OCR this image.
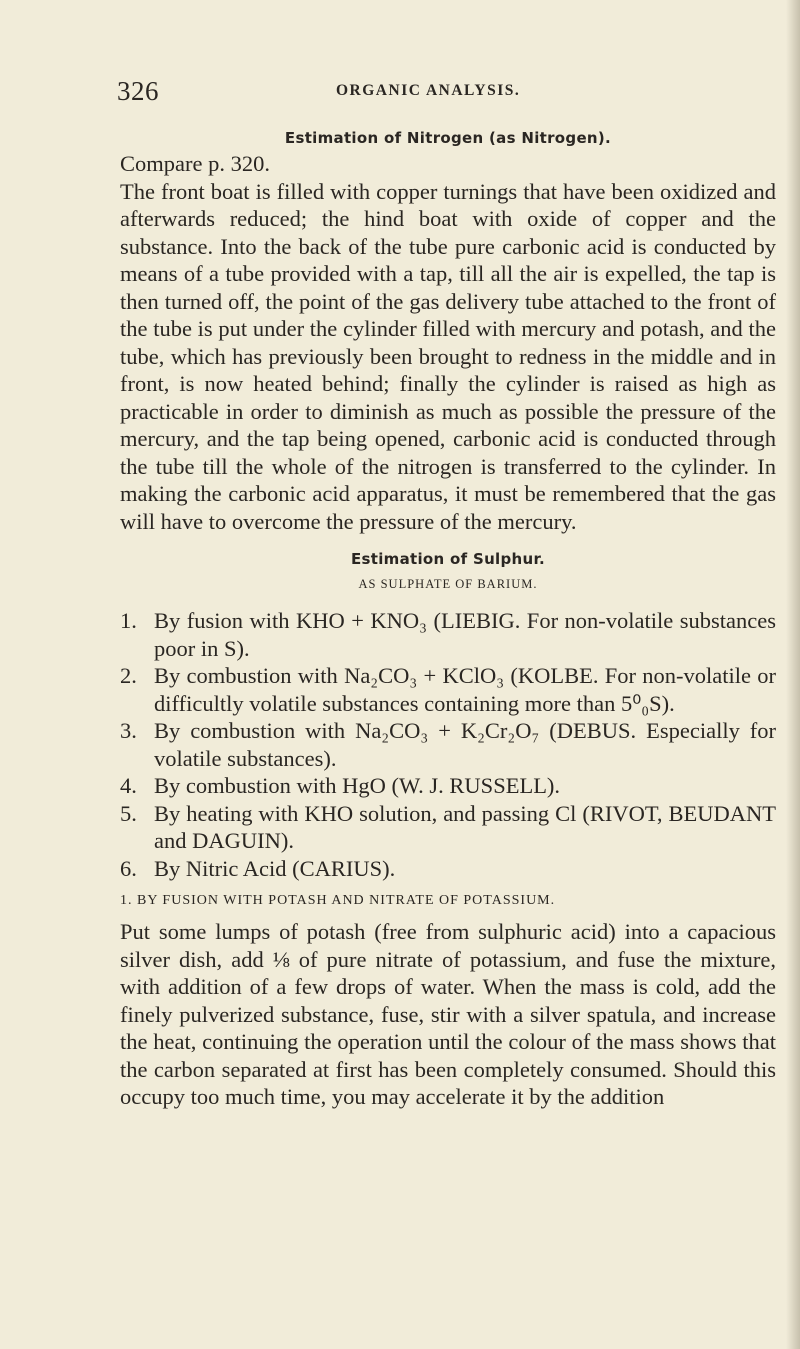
326	ORGANIC ANALYSIS.
Estimation of Nitrogen (as Nitrogen).

Compare p. 320.

The front boat is filled with copper turnings that have been oxidized and afterwards reduced; the hind boat with oxide of copper and the substance. Into the back of the tube pure carbonic acid is conducted by means of a tube provided with a tap, till all the air is expelled, the tap is then turned off, the point of the gas delivery tube attached to the front of the tube is put under the cylinder filled with mercury and potash, and the tube, which has previously been brought to redness in the middle and in front, is now heated behind; finally the cylinder is raised as high as practicable in order to diminish as much as possible the pressure of the mercury, and the tap being opened, carbonic acid is conducted through the tube till the whole of the nitrogen is transferred to the cylinder. In making the carbonic acid apparatus, it must be remembered that the gas will have to overcome the pressure of the mercury.

Estimation of Sulphur.
AS SULPHATE OF BARIUM.
1. By fusion with KHO + KNO₃ (LIEBIG. For non-volatile substances poor in S).
2. By combustion with Na₂CO₃ + KClO₃ (KOLBE. For non-volatile or difficultly volatile substances containing more than 5⁰₀S).
3. By combustion with Na₂CO₃ + K₂Cr₂O₇ (DEBUS. Especially for volatile substances).
4. By combustion with HgO (W. J. RUSSELL).
5. By heating with KHO solution, and passing Cl (RIVOT, BEUDANT and DAGUIN).
6. By Nitric Acid (CARIUS).
1. BY FUSION WITH POTASH AND NITRATE OF POTASSIUM.

Put some lumps of potash (free from sulphuric acid) into a capacious silver dish, add ⅛ of pure nitrate of potassium, and fuse the mixture, with addition of a few drops of water. When the mass is cold, add the finely pulverized substance, fuse, stir with a silver spatula, and increase the heat, continuing the operation until the colour of the mass shows that the carbon separated at first has been completely consumed. Should this occupy too much time, you may accelerate it by the addition
